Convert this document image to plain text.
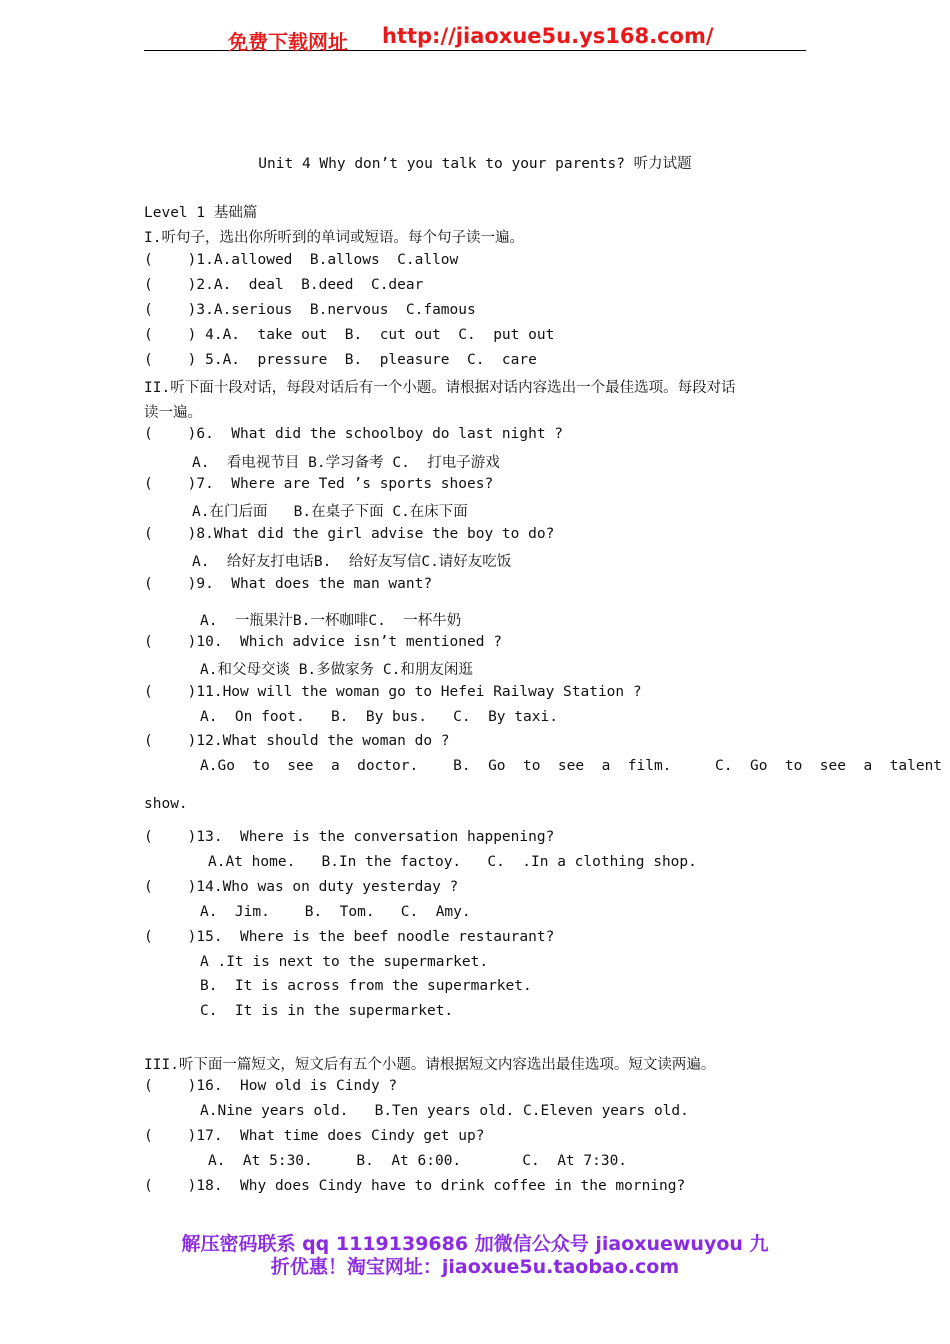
免费下载网址 http://jiaoxue5u.ys168.com/
Unit 4 Why don’t you talk to your parents? 听力试题
Level 1 基础篇
I.听句子，选出你所听到的单词或短语。每个句子读一遍。
(    )1.A.allowed  B.allows  C.allow
(    )2.A.  deal  B.deed  C.dear
(    )3.A.serious  B.nervous  C.famous
(    ) 4.A.  take out  B.  cut out  C.  put out
(    ) 5.A.  pressure  B.  pleasure  C.  care
II.听下面十段对话，每段对话后有一个小题。请根据对话内容选出一个最佳选项。每段对话
读一遍。
(    )6.  What did the schoolboy do last night ?
A.  看电视节目 B.学习备考 C.  打电子游戏
(    )7.  Where are Ted ’s sports shoes?
A.在门后面   B.在桌子下面 C.在床下面
(    )8.What did the girl advise the boy to do?
A.  给好友打电话B.  给好友写信C.请好友吃饭
(    )9.  What does the man want?
A.  一瓶果汁B.一杯咖啡C.  一杯牛奶
(    )10.  Which advice isn’t mentioned ?
A.和父母交谈 B.多做家务 C.和朋友闲逛
(    )11.How will the woman go to Hefei Railway Station ?
A.  On foot.   B.  By bus.   C.  By taxi.
(    )12.What should the woman do ?
A.Go  to  see  a  doctor.    B.  Go  to  see  a  film.     C.  Go  to  see  a  talent
show.
(    )13.  Where is the conversation happening?
A.At home.   B.In the factoy.   C.  .In a clothing shop.
(    )14.Who was on duty yesterday ?
A.  Jim.    B.  Tom.   C.  Amy.
(    )15.  Where is the beef noodle restaurant?
A .It is next to the supermarket.
B.  It is across from the supermarket.
C.  It is in the supermarket.
III.听下面一篇短文，短文后有五个小题。请根据短文内容选出最佳选项。短文读两遍。
(    )16.  How old is Cindy ?
A.Nine years old.   B.Ten years old. C.Eleven years old.
(    )17.  What time does Cindy get up?
A.  At 5:30.     B.  At 6:00.       C.  At 7:30.
(    )18.  Why does Cindy have to drink coffee in the morning?
解压密码联系 qq 1119139686 加微信公众号 jiaoxuewuyou 九
折优惠！淘宝网址：jiaoxue5u.taobao.com
